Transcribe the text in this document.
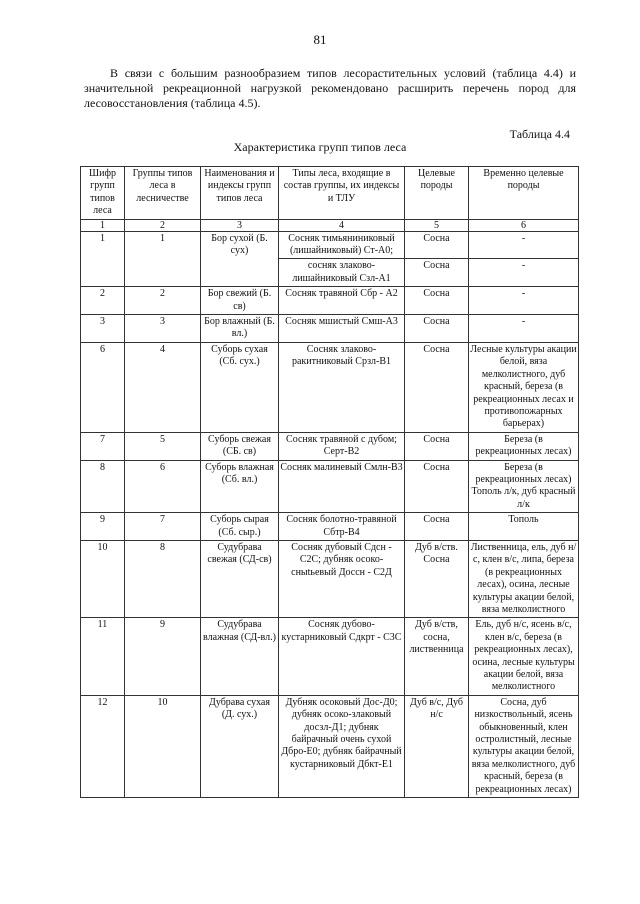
81

В связи с большим разнообразием типов лесорастительных условий (таблица 4.4) и значительной рекреационной нагрузкой рекомендовано расширить перечень пород для лесовосстановления (таблица 4.5).

Таблица 4.4
Характеристика групп типов леса
Шифр групп типов леса	Группы типов леса в лесничестве	Наименования и индексы групп типов леса	Типы леса, входящие в состав группы, их индексы и ТЛУ	Целевые породы	Временно целевые породы
1	2	3	4	5	6
1	1	Бор сухой (Б. сух)	Сосняк тимьяниниковый (лишайниковый) Ст-А0;	Сосна	-
			сосняк злаково-лишайниковый Сзл-А1	Сосна	-
2	2	Бор свежий (Б. св)	Сосняк травяной Сбр - А2	Сосна	-
3	3	Бор влажный (Б. вл.)	Сосняк мшистый Смш-А3	Сосна	-
6	4	Суборь сухая (Сб. сух.)	Сосняк злаково-ракитниковый Срзл-В1	Сосна	Лесные культуры акации белой, вяза мелколистного, дуб красный, береза (в рекреационных лесах и противопожарных барьерах)
7	5	Суборь свежая (СБ. св)	Сосняк травяной с дубом; Серт-В2	Сосна	Береза (в рекреационных лесах)
8	6	Суборь влажная (Сб. вл.)	Сосняк малиневый Смлн-В3	Сосна	Береза (в рекреационных лесах) Тополь л/к, дуб красный л/к
9	7	Суборь сырая (Сб. сыр.)	Сосняк болотно-травяной Сбтр-В4	Сосна	Тополь
10	8	Судубрава свежая (СД-св)	Сосняк дубовый Сдсн - С2С; дубняк осоко-сныtьевый Доссн - С2Д	Дуб в/ств. Сосна	Лиственница, ель, дуб н/с, клен в/с, липа, береза (в рекреационных лесах), осина, лесные культуры акации белой, вяза мелколистного
11	9	Судубрава влажная (СД-вл.)	Сосняк дубово-кустарниковый Сдкрт - С3С	Дуб в/ств, сосна, лиственница	Ель, дуб н/с, ясень в/с, клен в/с, береза (в рекреационных лесах), осина, лесные культуры акации белой, вяза мелколистного
12	10	Дубрава сухая (Д. сух.)	Дубняк осоковый Дос-Д0; дубняк осоко-злаковый досзл-Д1; дубняк байрачный очень сухой Дбро-Е0; дубняк байрачный кустарниковый Дбкт-Е1	Дуб в/с, Дуб н/с	Сосна, дуб низкоствольный, ясень обыкновенный, клен остролистный, лесные культуры акации белой, вяза мелколистного, дуб красный, береза (в рекреационных лесах)
